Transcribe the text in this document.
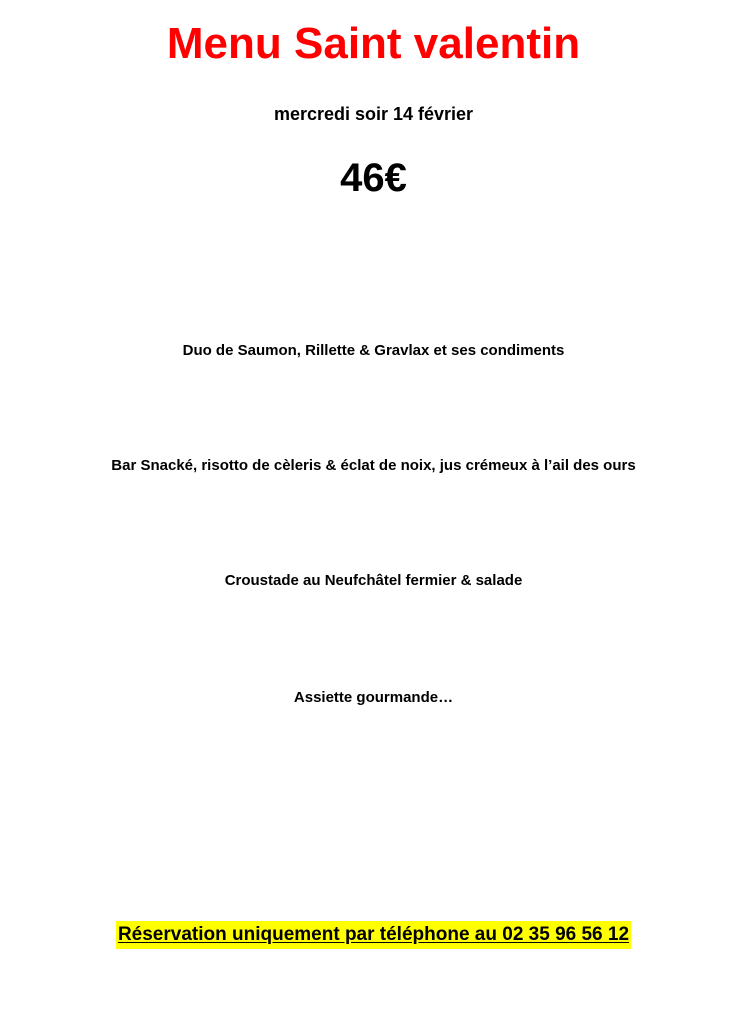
Menu Saint valentin
mercredi soir 14 février
46€
Duo de Saumon, Rillette & Gravlax et ses condiments
Bar Snacké, risotto de cèleris & éclat de noix, jus crémeux à l’ail des ours
Croustade au Neufchâtel fermier & salade
Assiette gourmande…
Réservation uniquement par téléphone au 02 35 96 56 12
